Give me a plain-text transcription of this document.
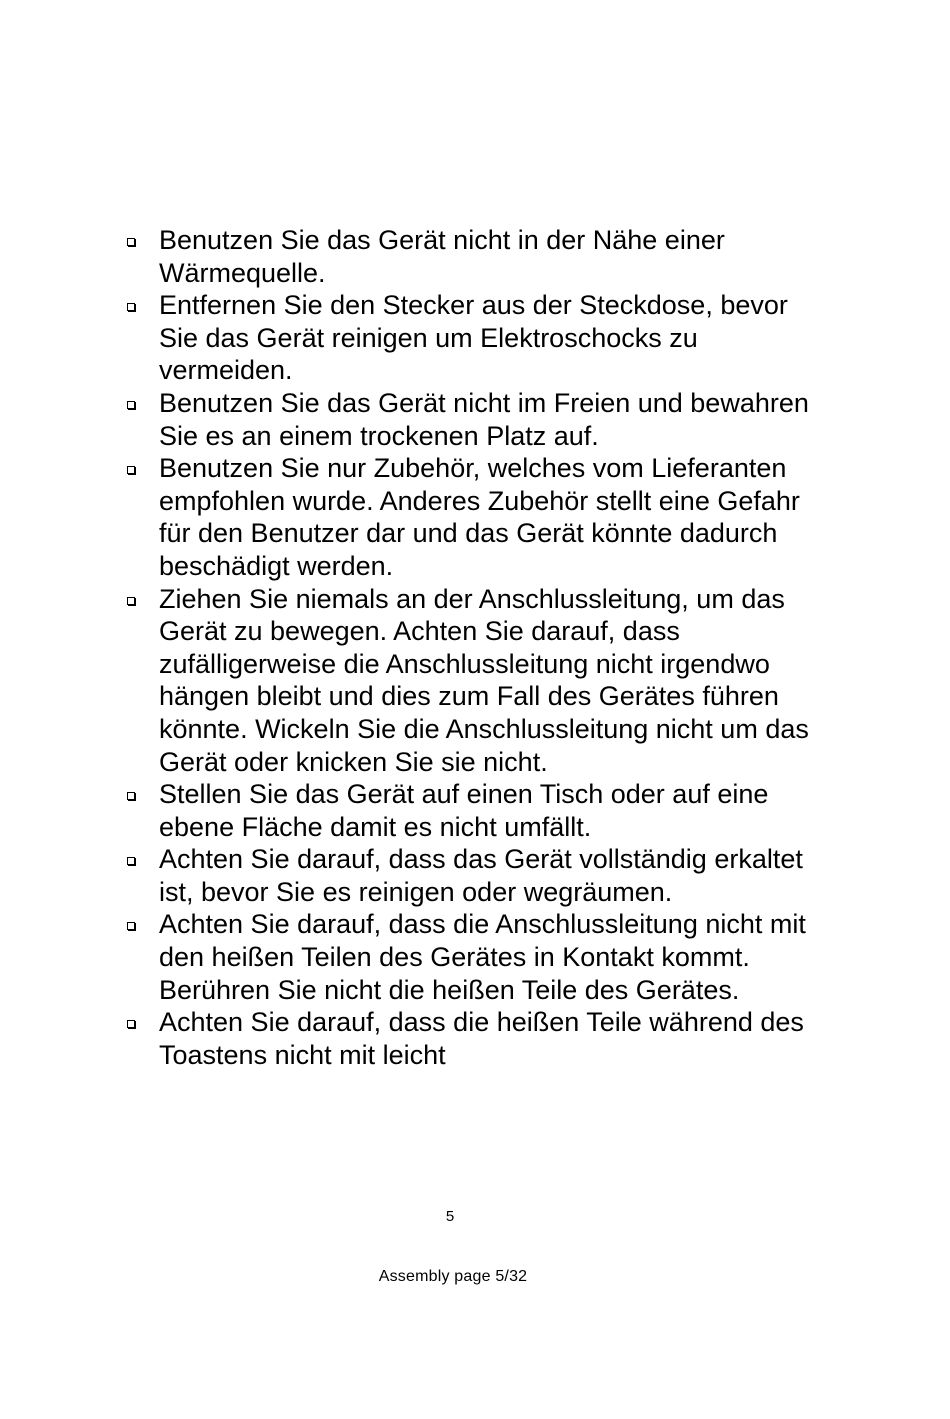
Benutzen Sie das Gerät nicht in der Nähe einer Wärmequelle.
Entfernen Sie den Stecker aus der Steckdose, bevor Sie das Gerät reinigen um Elektroschocks zu vermeiden.
Benutzen Sie das Gerät nicht im Freien und bewahren Sie es an einem trockenen Platz auf.
Benutzen Sie nur Zubehör, welches vom Lieferanten empfohlen wurde. Anderes Zubehör stellt eine Gefahr für den Benutzer dar und das Gerät könnte dadurch beschädigt werden.
Ziehen Sie niemals an der Anschlussleitung, um das Gerät zu bewegen. Achten Sie darauf, dass zufälligerweise die Anschlussleitung nicht irgendwo hängen bleibt und dies zum Fall des Gerätes führen könnte. Wickeln Sie die Anschlussleitung nicht um das Gerät oder knicken Sie sie nicht.
Stellen Sie das Gerät auf einen Tisch oder auf eine ebene Fläche damit es nicht umfällt.
Achten Sie darauf, dass das Gerät vollständig erkaltet ist, bevor Sie es reinigen oder wegräumen.
Achten Sie darauf, dass die Anschlussleitung nicht mit den heißen Teilen des Gerätes in Kontakt kommt. Berühren Sie nicht die heißen Teile des Gerätes.
Achten Sie darauf, dass die heißen Teile während des Toastens nicht mit leicht
5
Assembly page 5/32
